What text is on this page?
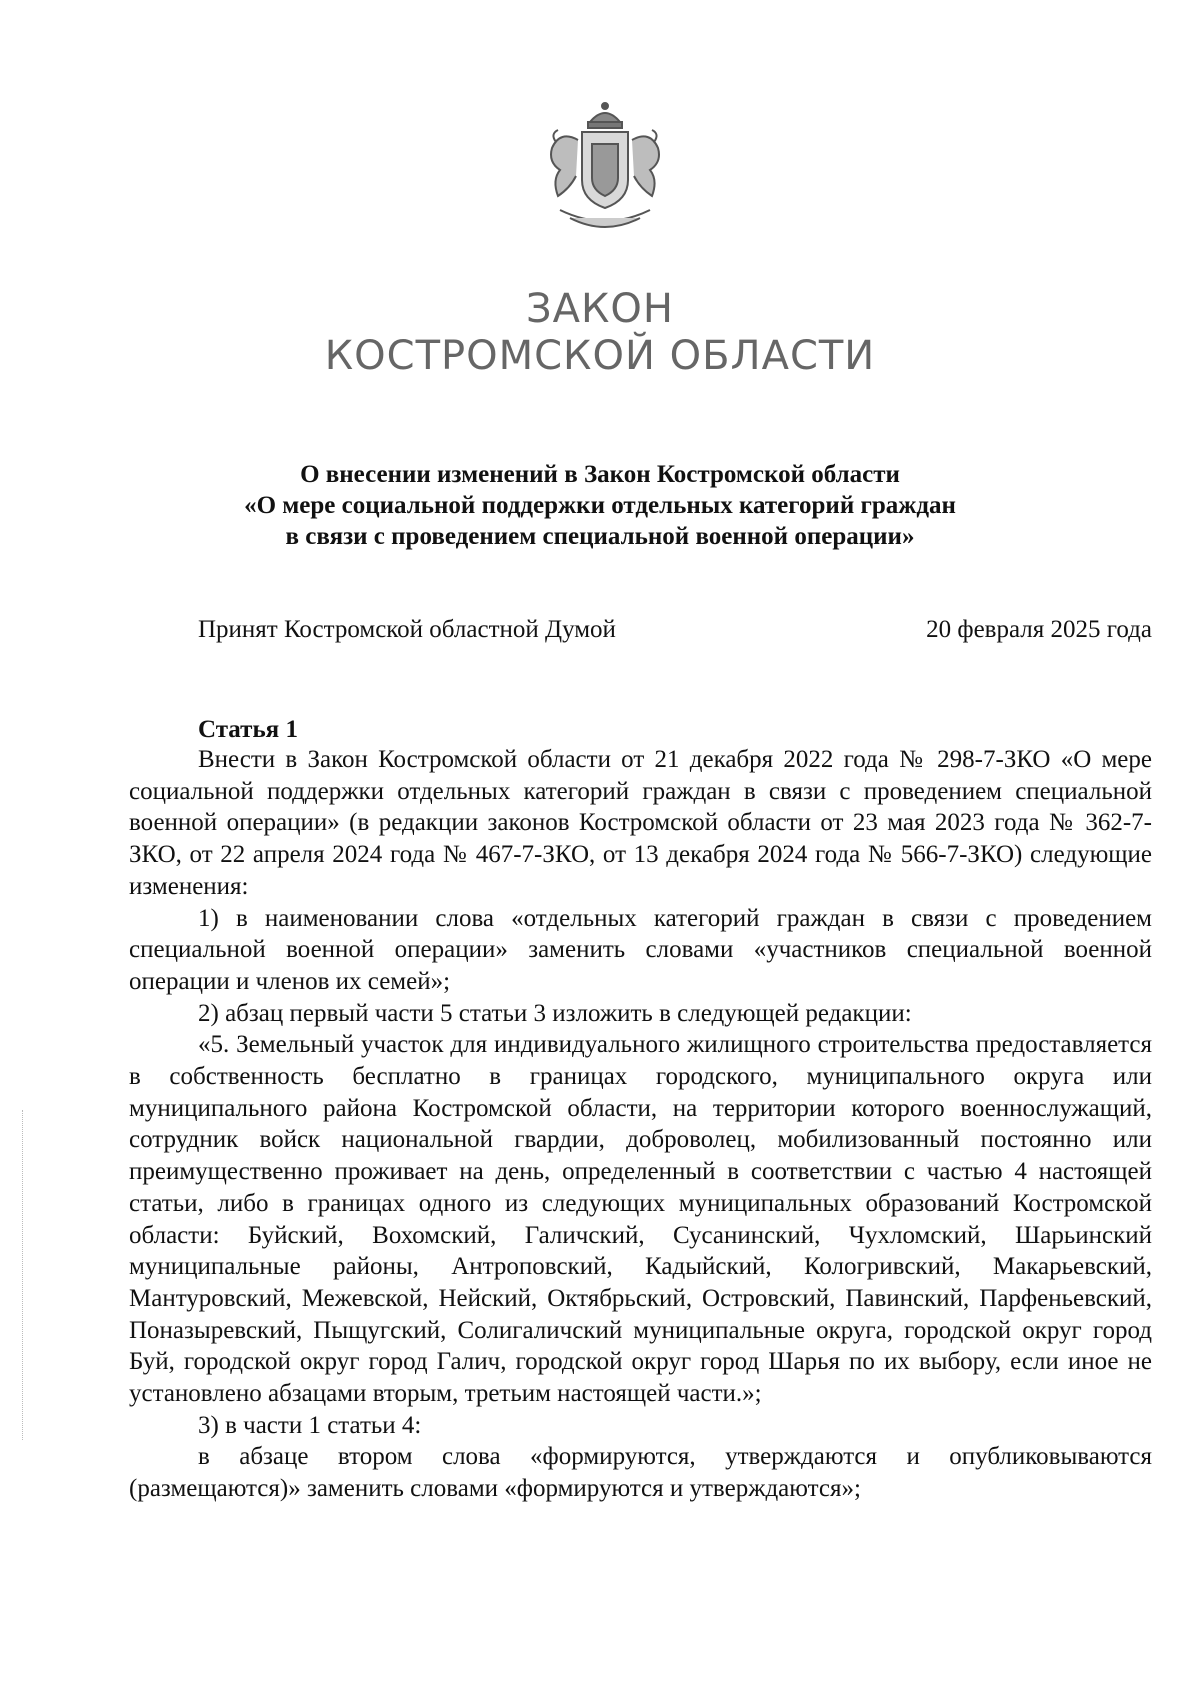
ЗАКОН
КОСТРОМСКОЙ ОБЛАСТИ
О внесении изменений в Закон Костромской области
«О мере социальной поддержки отдельных категорий граждан
в связи с проведением специальной военной операции»
Принят Костромской областной Думой	20 февраля 2025 года
Статья 1

Внести в Закон Костромской области от 21 декабря 2022 года № 298-7-ЗКО «О мере социальной поддержки отдельных категорий граждан в связи с проведением специальной военной операции» (в редакции законов Костромской области от 23 мая 2023 года № 362-7-ЗКО, от 22 апреля 2024 года № 467-7-ЗКО, от 13 декабря 2024 года № 566-7-ЗКО) следующие изменения:

1) в наименовании слова «отдельных категорий граждан в связи с проведением специальной военной операции» заменить словами «участников специальной военной операции и членов их семей»;

2) абзац первый части 5 статьи 3 изложить в следующей редакции:

«5. Земельный участок для индивидуального жилищного строительства предоставляется в собственность бесплатно в границах городского, муниципального округа или муниципального района Костромской области, на территории которого военнослужащий, сотрудник войск национальной гвардии, доброволец, мобилизованный постоянно или преимущественно проживает на день, определенный в соответствии с частью 4 настоящей статьи, либо в границах одного из следующих муниципальных образований Костромской области: Буйский, Вохомский, Галичский, Сусанинский, Чухломский, Шарьинский муниципальные районы, Антроповский, Кадыйский, Кологривский, Макарьевский, Мантуровский, Межевской, Нейский, Октябрьский, Островский, Павинский, Парфеньевский, Поназыревский, Пыщугский, Солигаличский муниципальные округа, городской округ город Буй, городской округ город Галич, городской округ город Шарья по их выбору, если иное не установлено абзацами вторым, третьим настоящей части.»;

3) в части 1 статьи 4:

в абзаце втором слова «формируются, утверждаются и опубликовываются (размещаются)» заменить словами «формируются и утверждаются»;
